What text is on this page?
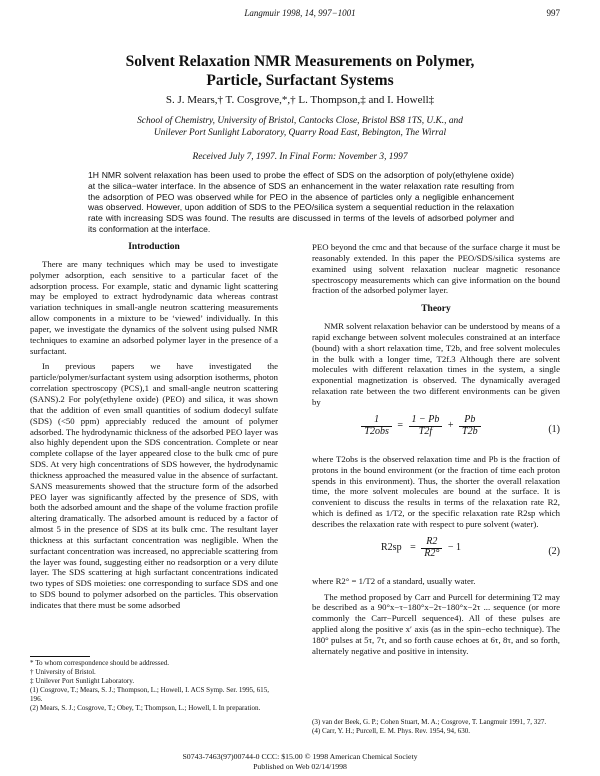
Langmuir 1998, 14, 997−1001	997
Solvent Relaxation NMR Measurements on Polymer,
Particle, Surfactant Systems
S. J. Mears,† T. Cosgrove,*,† L. Thompson,‡ and I. Howell‡
School of Chemistry, University of Bristol, Cantocks Close, Bristol BS8 1TS, U.K., and
Unilever Port Sunlight Laboratory, Quarry Road East, Bebington, The Wirral
Received July 7, 1997. In Final Form: November 3, 1997
1H NMR solvent relaxation has been used to probe the effect of SDS on the adsorption of poly(ethylene oxide) at the silica−water interface. In the absence of SDS an enhancement in the water relaxation rate resulting from the adsorption of PEO was observed while for PEO in the absence of particles only a negligible enhancement was observed. However, upon addition of SDS to the PEO/silica system a sequential reduction in the relaxation rate with increasing SDS was found. The results are discussed in terms of the levels of adsorbed polymer and its conformation at the interface.
Introduction

There are many techniques which may be used to investigate polymer adsorption, each sensitive to a particular facet of the adsorption process. For example, static and dynamic light scattering may be employed to extract hydrodynamic data whereas contrast variation techniques in small-angle neutron scattering measurements allow components in a mixture to be ‘viewed’ individually. In this paper, we investigate the dynamics of the solvent using pulsed NMR techniques to examine an adsorbed polymer layer in the presence of a surfactant.

In previous papers we have investigated the particle/polymer/surfactant system using adsorption isotherms, photon correlation spectroscopy (PCS),1 and small-angle neutron scattering (SANS).2 For poly(ethylene oxide) (PEO) and silica, it was shown that the addition of even small quantities of sodium dodecyl sulfate (SDS) (<50 ppm) appreciably reduced the amount of polymer adsorbed. The hydrodynamic thickness of the adsorbed PEO layer was also highly dependent upon the SDS concentration. Complete or near complete collapse of the layer appeared close to the bulk cmc of pure SDS. At very high concentrations of SDS however, the hydrodynamic thickness approached the measured value in the absence of surfactant. SANS measurements showed that the structure form of the adsorbed PEO layer was significantly affected by the presence of SDS, with both the adsorbed amount and the shape of the volume fraction profile altering dramatically. The adsorbed amount is reduced by a factor of almost 5 in the presence of SDS at its bulk cmc. The resultant layer thickness at this surfactant concentration was negligible. When the surfactant concentration was increased, no appreciable scattering from the layer was found, suggesting either no readsorption or a very dilute layer. The SDS scattering at high surfactant concentrations indicated two types of SDS moieties: one corresponding to surface SDS and one to SDS bound to polymer adsorbed on the particles. This observation indicates that there must be some adsorbed

PEO beyond the cmc and that because of the surface charge it must be reasonably extended. In this paper the PEO/SDS/silica systems are examined using solvent relaxation nuclear magnetic resonance spectroscopy measurements which can give information on the bound fraction of the adsorbed polymer layer.

Theory

NMR solvent relaxation behavior can be understood by means of a rapid exchange between solvent molecules constrained at an interface (bound) with a short relaxation time, T2b, and free solvent molecules in the bulk with a longer time, T2f.3 Although there are solvent molecules with different relaxation times in the system, a single exponential magnetization is observed. The dynamically averaged relaxation rate between the two different environments can be given by

$\frac{1}{\text{T2obs}} = \frac{1 - Pb}{T2f} + \frac{Pb}{T2b}$	(1)

where T2obs is the observed relaxation time and Pb is the fraction of protons in the bound environment (or the fraction of time each proton spends in this environment). Thus, the shorter the overall relaxation time, the more solvent molecules are bound at the surface. It is convenient to discuss the results in terms of the relaxation rate R2, which is defined as 1/T2, or the specific relaxation rate R2sp which describes the relaxation rate with respect to pure solvent (water).

$R2sp = \frac{R2}{R2^\circ} - 1$	(2)

where R2° = 1/T2 of a standard, usually water.

The method proposed by Carr and Purcell for determining T2 may be described as a 90°x−τ−180°x−2τ−180°x−2τ ... sequence (or more commonly the Carr−Purcell sequence4). All of these pulses are applied along the positive x′ axis (as in the spin−echo technique). The 180° pulses at 5τ, 7τ, and so forth cause echoes at 6τ, 8τ, and so forth, alternately negative and positive in intensity.

* To whom correspondence should be addressed.

† University of Bristol.

‡ Unilever Port Sunlight Laboratory.

(1) Cosgrove, T.; Mears, S. J.; Thompson, L.; Howell, I. ACS Symp. Ser. 1995, 615, 196.

(2) Mears, S. J.; Cosgrove, T.; Obey, T.; Thompson, L.; Howell, I. In preparation.

(3) van der Beek, G. P.; Cohen Stuart, M. A.; Cosgrove, T. Langmuir 1991, 7, 327.

(4) Carr, Y. H.; Purcell, E. M. Phys. Rev. 1954, 94, 630.

S0743-7463(97)00744-0 CCC: $15.00 © 1998 American Chemical Society
Published on Web 02/14/1998
